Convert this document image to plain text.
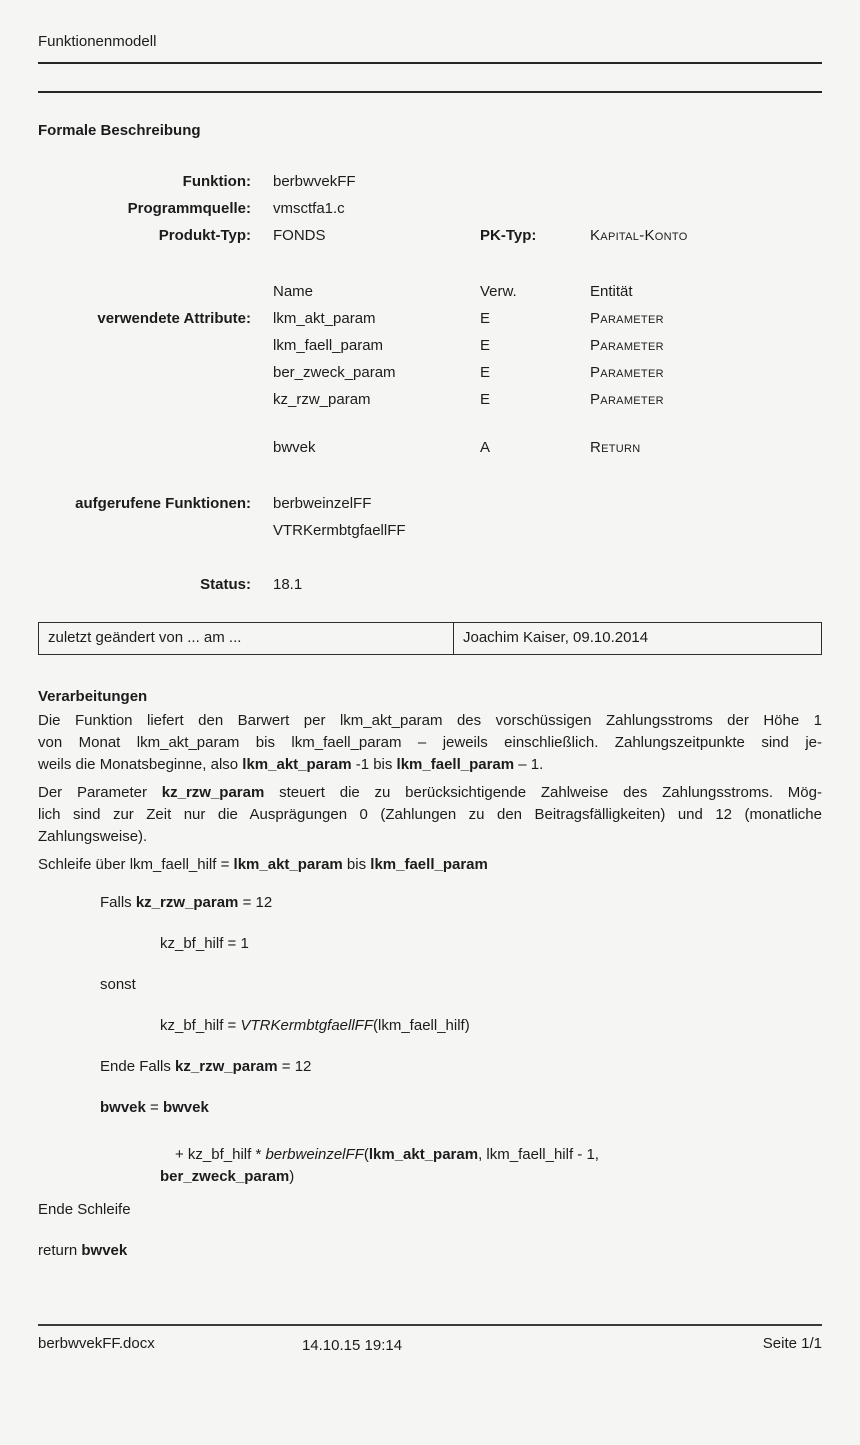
Funktionenmodell
Formale Beschreibung
Funktion:	berbwvekFF
Programmquelle:	vmsctfa1.c
Produkt-Typ:	FONDS	PK-Typ:	Kapital-Konto
Name	Verw.	Entität
verwendete Attribute:	lkm_akt_param	E	Parameter
lkm_faell_param	E	Parameter
ber_zweck_param	E	Parameter
kz_rzw_param	E	Parameter
bwvek	A	Return
aufgerufene Funktionen:	berbweinzelFF
VTRKermbtgfaellFF
Status:	18.1
zuletzt geändert von ... am ...	Joachim Kaiser, 09.10.2014
Verarbeitungen
Die Funktion liefert den Barwert per lkm_akt_param des vorschüssigen Zahlungsstroms der Höhe 1
von Monat lkm_akt_param bis lkm_faell_param – jeweils einschließlich. Zahlungszeitpunkte sind je-
weils die Monatsbeginne, also lkm_akt_param -1 bis lkm_faell_param – 1.
Der Parameter kz_rzw_param steuert die zu berücksichtigende Zahlweise des Zahlungsstroms. Mög-
lich sind zur Zeit nur die Ausprägungen 0 (Zahlungen zu den Beitragsfälligkeiten) und 12 (monatliche
Zahlungsweise).
Schleife über lkm_faell_hilf = lkm_akt_param bis lkm_faell_param
Falls kz_rzw_param = 12
kz_bf_hilf = 1
sonst
kz_bf_hilf = VTRKermbtgfaellFF(lkm_faell_hilf)
Ende Falls kz_rzw_param = 12
bwvek = bwvek
+ kz_bf_hilf * berbweinzelFF(lkm_akt_param, lkm_faell_hilf - 1,
ber_zweck_param)
Ende Schleife
return bwvek
Seite 1/1
berbwvekFF.docx	14.10.15 19:14
